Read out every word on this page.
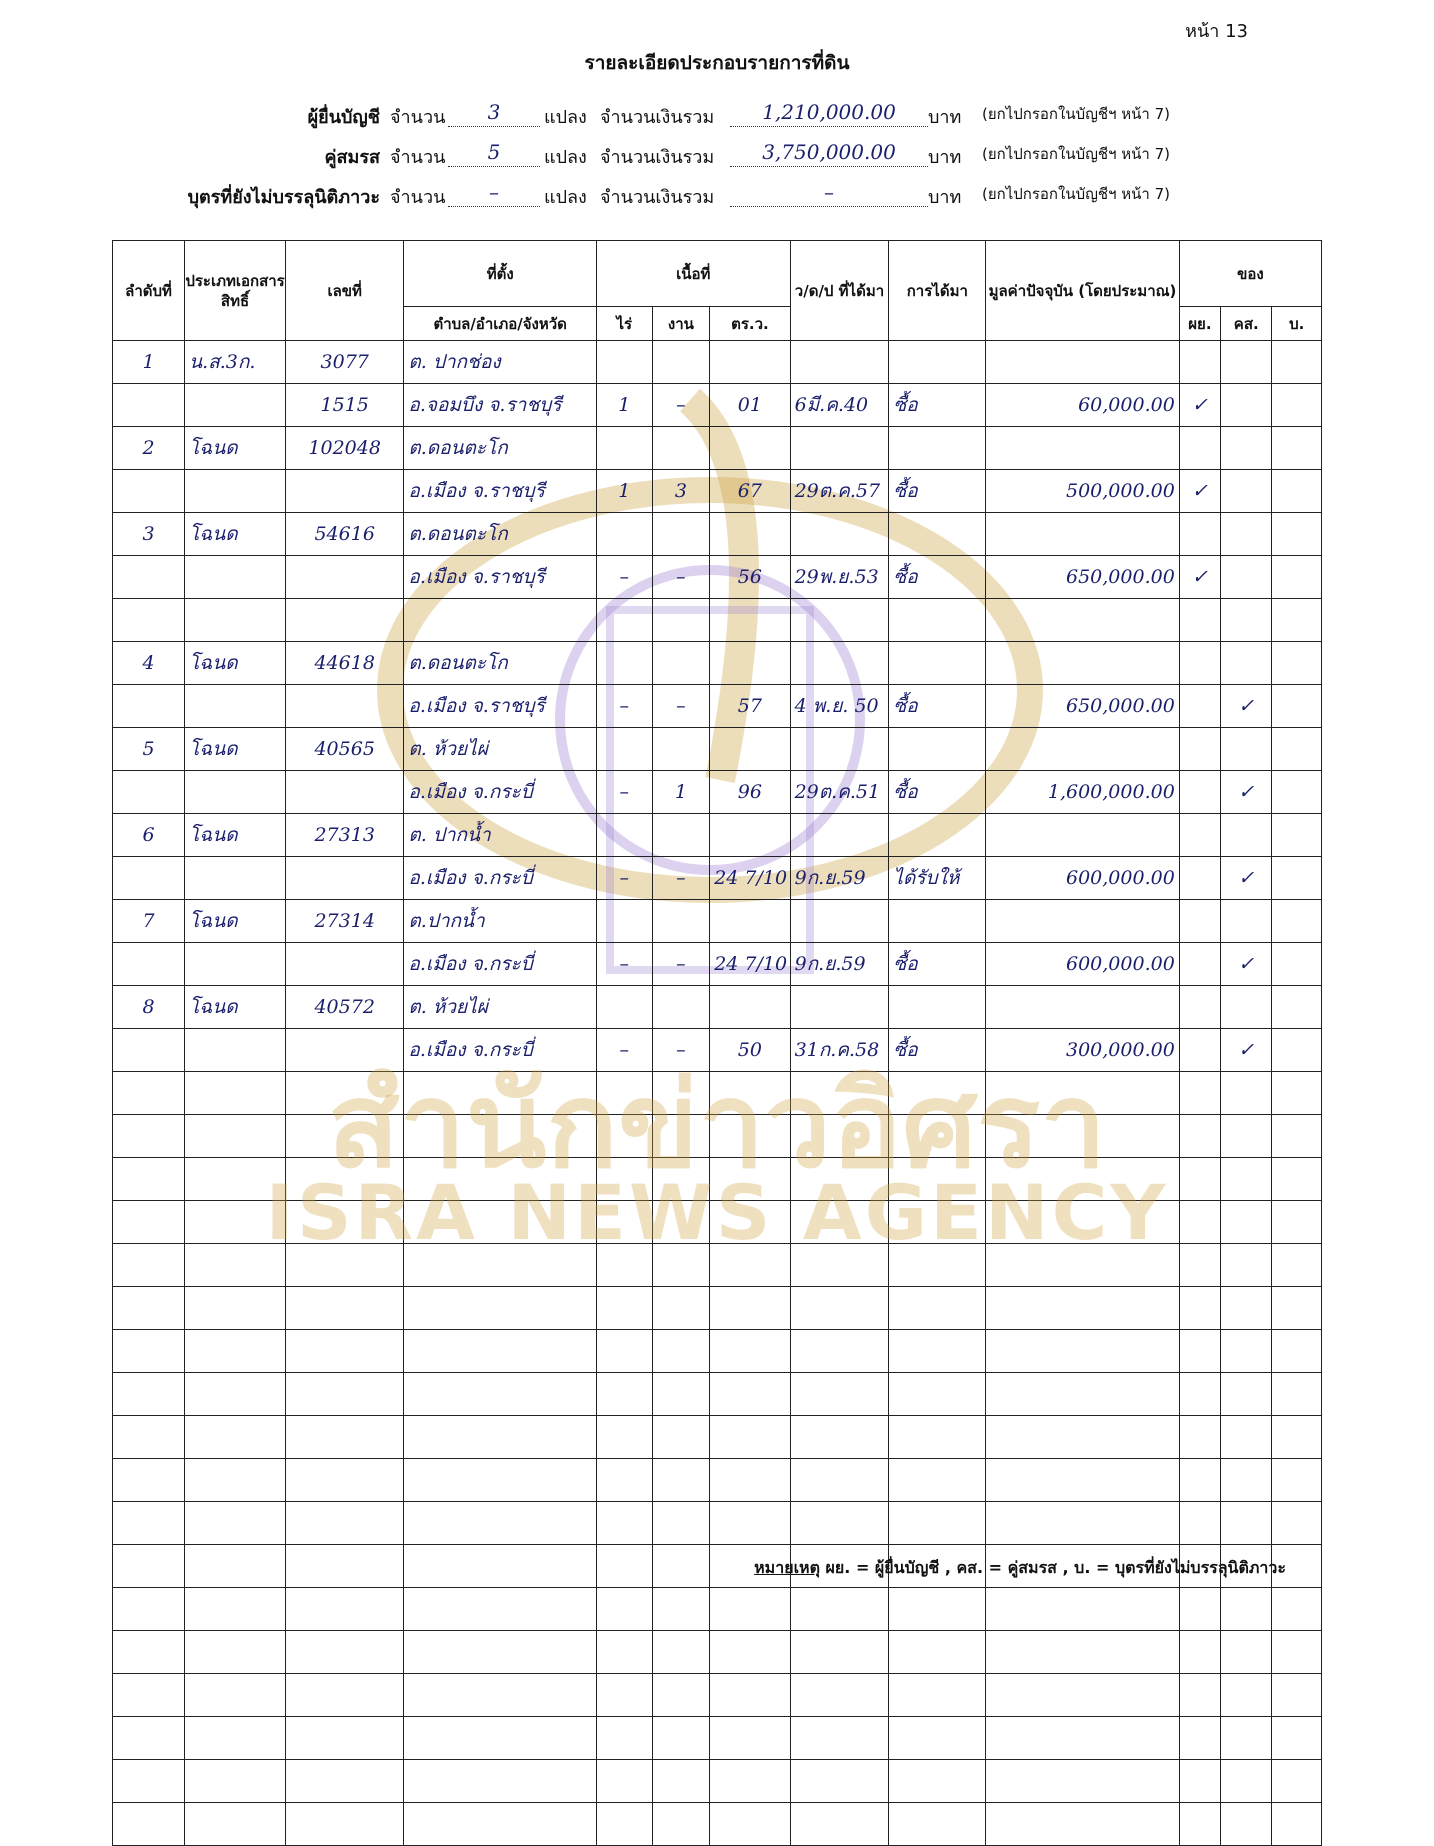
หน้า 13
รายละเอียดประกอบรายการที่ดิน
ผู้ยื่นบัญชี จำนวน	3	แปลง จำนวนเงินรวม	1,210,000.00	บาท (ยกไปกรอกในบัญชีฯ หน้า 7)
คู่สมรส จำนวน	5	แปลง จำนวนเงินรวม	3,750,000.00	บาท (ยกไปกรอกในบัญชีฯ หน้า 7)
บุตรที่ยังไม่บรรลุนิติภาวะ จำนวน	–	แปลง จำนวนเงินรวม	–	บาท (ยกไปกรอกในบัญชีฯ หน้า 7)
ลำดับที่	ประเภทเอกสารสิทธิ์	เลขที่	ที่ตั้ง	เนื้อที่			ว/ด/ป ที่ได้มา	การได้มา	มูลค่าปัจจุบัน (โดยประมาณ)	ของ		
			ตำบล/อำเภอ/จังหวัด	ไร่	งาน	ตร.ว.				ผย.	คส.	บ.
1	น.ส.3ก.	3077	ต. ปากช่อง									
		1515	อ.จอมบึง จ.ราชบุรี	1	–	01	6มี.ค.40	ซื้อ	60,000.00	✓		
2	โฉนด	102048	ต.ดอนตะโก									
			อ.เมือง จ.ราชบุรี	1	3	67	29ต.ค.57	ซื้อ	500,000.00	✓		
3	โฉนด	54616	ต.ดอนตะโก									
			อ.เมือง จ.ราชบุรี	–	–	56	29พ.ย.53	ซื้อ	650,000.00	✓		

4	โฉนด	44618	ต.ดอนตะโก									
			อ.เมือง จ.ราชบุรี	–	–	57	4 พ.ย. 50	ซื้อ	650,000.00		✓	
5	โฉนด	40565	ต. ห้วยไผ่									
			อ.เมือง จ.กระบี่	–	1	96	29ต.ค.51	ซื้อ	1,600,000.00		✓	
6	โฉนด	27313	ต. ปากน้ำ									
			อ.เมือง จ.กระบี่	–	–	24 7/10	9ก.ย.59	ได้รับให้	600,000.00		✓	
7	โฉนด	27314	ต.ปากน้ำ									
			อ.เมือง จ.กระบี่	–	–	24 7/10	9ก.ย.59	ซื้อ	600,000.00		✓	
8	โฉนด	40572	ต. ห้วยไผ่									
			อ.เมือง จ.กระบี่	–	–	50	31ก.ค.58	ซื้อ	300,000.00		✓	

สำนักข่าวอิศรา
ISRA NEWS AGENCY
หมายเหตุ ผย. = ผู้ยื่นบัญชี , คส. = คู่สมรส , บ. = บุตรที่ยังไม่บรรลุนิติภาวะ
